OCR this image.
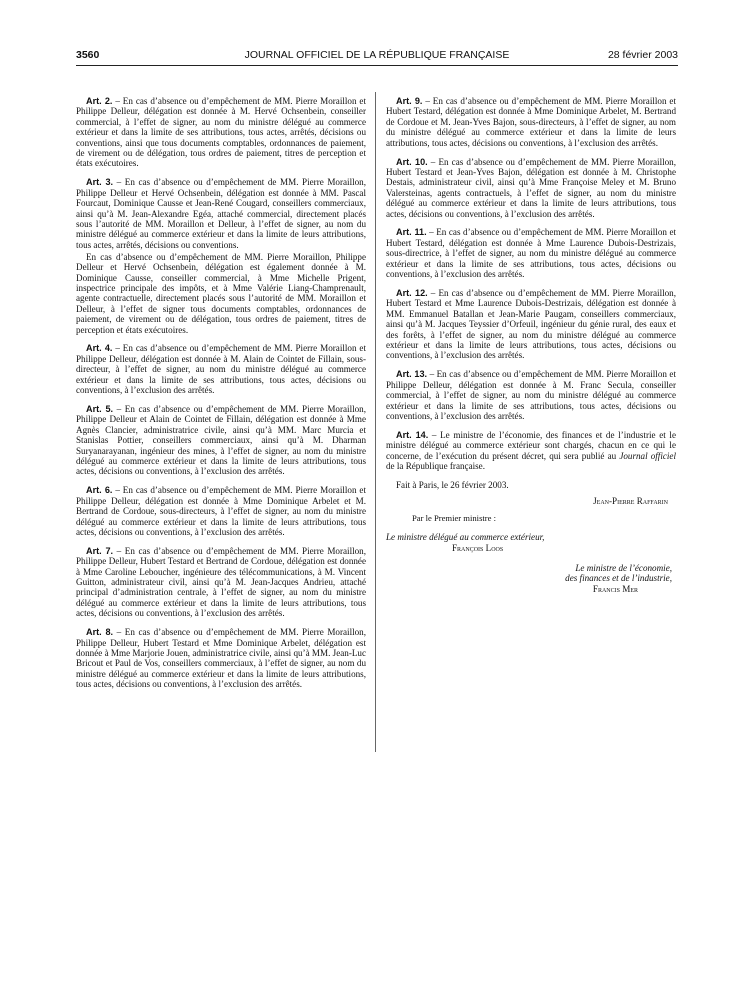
3560	JOURNAL OFFICIEL DE LA RÉPUBLIQUE FRANÇAISE	28 février 2003

Art. 2. – En cas d’absence ou d’empêchement de MM. Pierre Moraillon et Philippe Delleur, délégation est donnée à M. Hervé Ochsenbein, conseiller commercial, à l’effet de signer, au nom du ministre délégué au commerce extérieur et dans la limite de ses attributions, tous actes, arrêtés, décisions ou conventions, ainsi que tous documents comptables, ordonnances de paiement, de virement ou de délégation, tous ordres de paiement, titres de perception et états exécutoires.

Art. 3. – En cas d’absence ou d’empêchement de MM. Pierre Moraillon, Philippe Delleur et Hervé Ochsenbein, délégation est donnée à MM. Pascal Fourcaut, Dominique Causse et Jean-René Cougard, conseillers commerciaux, ainsi qu’à M. Jean-Alexandre Egéa, attaché commercial, directement placés sous l’autorité de MM. Moraillon et Delleur, à l’effet de signer, au nom du ministre délégué au commerce extérieur et dans la limite de leurs attributions, tous actes, arrêtés, décisions ou conventions.

En cas d’absence ou d’empêchement de MM. Pierre Moraillon, Philippe Delleur et Hervé Ochsenbein, délégation est également donnée à M. Dominique Causse, conseiller commercial, à Mme Michelle Prigent, inspectrice principale des impôts, et à Mme Valérie Liang-Champrenault, agente contractuelle, directement placés sous l’autorité de MM. Moraillon et Delleur, à l’effet de signer tous documents comptables, ordonnances de paiement, de virement ou de délégation, tous ordres de paiement, titres de perception et états exécutoires.

Art. 4. – En cas d’absence ou d’empêchement de MM. Pierre Moraillon et Philippe Delleur, délégation est donnée à M. Alain de Cointet de Fillain, sous-directeur, à l’effet de signer, au nom du ministre délégué au commerce extérieur et dans la limite de ses attributions, tous actes, décisions ou conventions, à l’exclusion des arrêtés.

Art. 5. – En cas d’absence ou d’empêchement de MM. Pierre Moraillon, Philippe Delleur et Alain de Cointet de Fillain, délégation est donnée à Mme Agnès Clancier, administratrice civile, ainsi qu’à MM. Marc Murcia et Stanislas Pottier, conseillers commerciaux, ainsi qu’à M. Dharman Suryanarayanan, ingénieur des mines, à l’effet de signer, au nom du ministre délégué au commerce extérieur et dans la limite de leurs attributions, tous actes, décisions ou conventions, à l’exclusion des arrêtés.

Art. 6. – En cas d’absence ou d’empêchement de MM. Pierre Moraillon et Philippe Delleur, délégation est donnée à Mme Dominique Arbelet et M. Bertrand de Cordoue, sous-directeurs, à l’effet de signer, au nom du ministre délégué au commerce extérieur et dans la limite de leurs attributions, tous actes, décisions ou conventions, à l’exclusion des arrêtés.

Art. 7. – En cas d’absence ou d’empêchement de MM. Pierre Moraillon, Philippe Delleur, Hubert Testard et Bertrand de Cordoue, délégation est donnée à Mme Caroline Leboucher, ingénieure des télécommunications, à M. Vincent Guitton, administrateur civil, ainsi qu’à M. Jean-Jacques Andrieu, attaché principal d’administration centrale, à l’effet de signer, au nom du ministre délégué au commerce extérieur et dans la limite de leurs attributions, tous actes, décisions ou conventions, à l’exclusion des arrêtés.

Art. 8. – En cas d’absence ou d’empêchement de MM. Pierre Moraillon, Philippe Delleur, Hubert Testard et Mme Dominique Arbelet, délégation est donnée à Mme Marjorie Jouen, administratrice civile, ainsi qu’à MM. Jean-Luc Bricout et Paul de Vos, conseillers commerciaux, à l’effet de signer, au nom du ministre délégué au commerce extérieur et dans la limite de leurs attributions, tous actes, décisions ou conventions, à l’exclusion des arrêtés.

Art. 9. – En cas d’absence ou d’empêchement de MM. Pierre Moraillon et Hubert Testard, délégation est donnée à Mme Dominique Arbelet, M. Bertrand de Cordoue et M. Jean-Yves Bajon, sous-directeurs, à l’effet de signer, au nom du ministre délégué au commerce extérieur et dans la limite de leurs attributions, tous actes, décisions ou conventions, à l’exclusion des arrêtés.

Art. 10. – En cas d’absence ou d’empêchement de MM. Pierre Moraillon, Hubert Testard et Jean-Yves Bajon, délégation est donnée à M. Christophe Destais, administrateur civil, ainsi qu’à Mme Françoise Meley et M. Bruno Valersteinas, agents contractuels, à l’effet de signer, au nom du ministre délégué au commerce extérieur et dans la limite de leurs attributions, tous actes, décisions ou conventions, à l’exclusion des arrêtés.

Art. 11. – En cas d’absence ou d’empêchement de MM. Pierre Moraillon et Hubert Testard, délégation est donnée à Mme Laurence Dubois-Destrizais, sous-directrice, à l’effet de signer, au nom du ministre délégué au commerce extérieur et dans la limite de ses attributions, tous actes, décisions ou conventions, à l’exclusion des arrêtés.

Art. 12. – En cas d’absence ou d’empêchement de MM. Pierre Moraillon, Hubert Testard et Mme Laurence Dubois-Destrizais, délégation est donnée à MM. Emmanuel Batallan et Jean-Marie Paugam, conseillers commerciaux, ainsi qu’à M. Jacques Teyssier d’Orfeuil, ingénieur du génie rural, des eaux et des forêts, à l’effet de signer, au nom du ministre délégué au commerce extérieur et dans la limite de leurs attributions, tous actes, décisions ou conventions, à l’exclusion des arrêtés.

Art. 13. – En cas d’absence ou d’empêchement de MM. Pierre Moraillon et Philippe Delleur, délégation est donnée à M. Franc Secula, conseiller commercial, à l’effet de signer, au nom du ministre délégué au commerce extérieur et dans la limite de ses attributions, tous actes, décisions ou conventions, à l’exclusion des arrêtés.

Art. 14. – Le ministre de l’économie, des finances et de l’industrie et le ministre délégué au commerce extérieur sont chargés, chacun en ce qui le concerne, de l’exécution du présent décret, qui sera publié au Journal officiel de la République française.

Fait à Paris, le 26 février 2003.

Jean-Pierre Raffarin

Par le Premier ministre :

Le ministre délégué au commerce extérieur,

François Loos

Le ministre de l’économie,

des finances et de l’industrie,

Francis Mer
